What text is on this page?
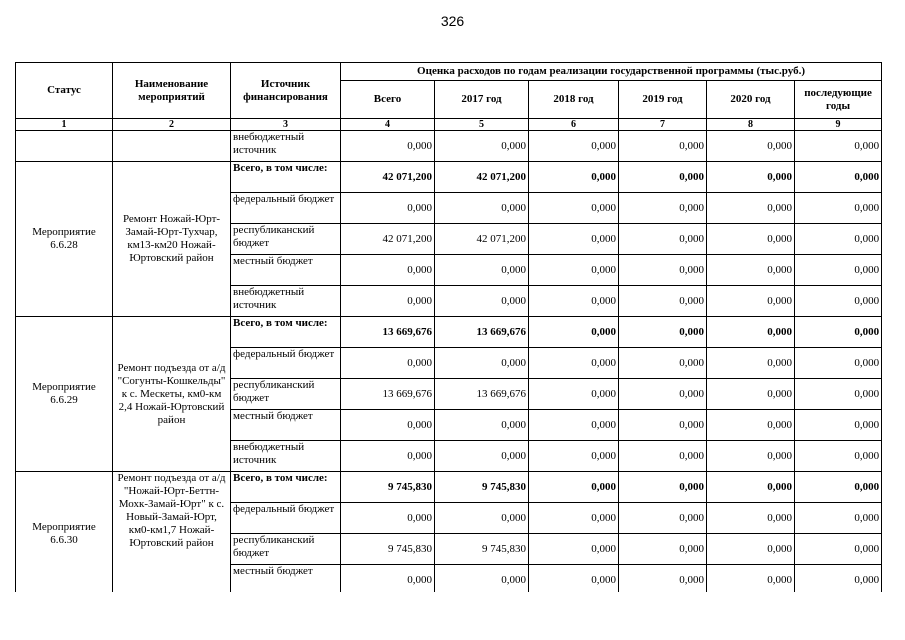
326
Статус	Наименование мероприятий	Источник финансирования	Оценка расходов по годам реализации государственной программы (тыс.руб.)					
			Всего	2017 год	2018 год	2019 год	2020 год	последующие годы
1	2	3	4	5	6	7	8	9
		внебюджетный источник	0,000	0,000	0,000	0,000	0,000	0,000
Мероприятие 6.6.28	Ремонт Ножай-Юрт-Замай-Юрт-Тухчар, км13-км20 Ножай-Юртовский район	Всего, в том числе:	42 071,200	42 071,200	0,000	0,000	0,000	0,000
		федеральный бюджет	0,000	0,000	0,000	0,000	0,000	0,000
		республиканский бюджет	42 071,200	42 071,200	0,000	0,000	0,000	0,000
		местный бюджет	0,000	0,000	0,000	0,000	0,000	0,000
		внебюджетный источник	0,000	0,000	0,000	0,000	0,000	0,000
Мероприятие 6.6.29	Ремонт подъезда от а/д "Согунты-Кошкельды" к с. Мескеты, км0-км 2,4 Ножай-Юртовский район	Всего, в том числе:	13 669,676	13 669,676	0,000	0,000	0,000	0,000
		федеральный бюджет	0,000	0,000	0,000	0,000	0,000	0,000
		республиканский бюджет	13 669,676	13 669,676	0,000	0,000	0,000	0,000
		местный бюджет	0,000	0,000	0,000	0,000	0,000	0,000
		внебюджетный источник	0,000	0,000	0,000	0,000	0,000	0,000
Мероприятие 6.6.30	Ремонт подъезда от а/д "Ножай-Юрт-Беттн-Мохк-Замай-Юрт" к с. Новый-Замай-Юрт, км0-км1,7 Ножай-Юртовский район	Всего, в том числе:	9 745,830	9 745,830	0,000	0,000	0,000	0,000
		федеральный бюджет	0,000	0,000	0,000	0,000	0,000	0,000
		республиканский бюджет	9 745,830	9 745,830	0,000	0,000	0,000	0,000
		местный бюджет	0,000	0,000	0,000	0,000	0,000	0,000
